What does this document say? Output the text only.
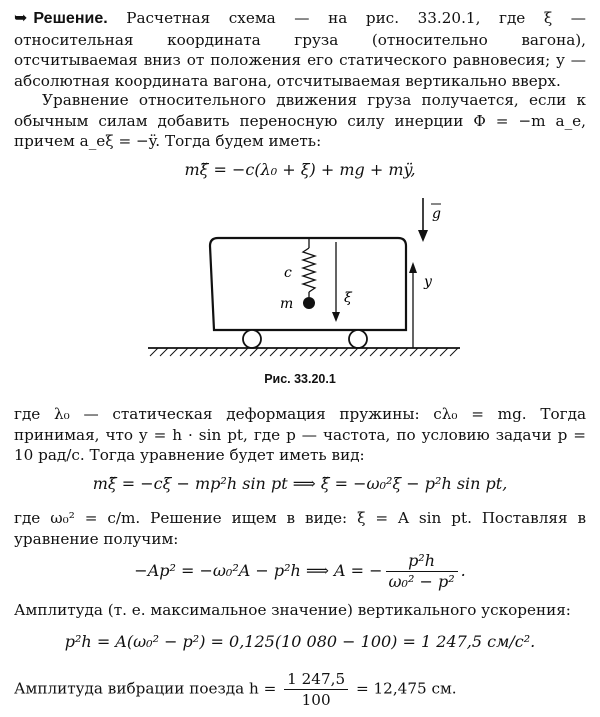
➥ Решение. Расчетная схема — на рис. 33.20.1, где ξ — относительная координата груза (относительно вагона), отсчитываемая вниз от положения его статического равновесия; y — абсолютная координата вагона, отсчитываемая вертикально вверх.
Уравнение относительного движения груза получается, если к обычным силам добавить переносную силу инерции Φ = −m a_e, причем a_eξ = −ÿ. Тогда будем иметь:
mξ̈ = −c(λ₀ + ξ) + mg + mÿ,
g
c
m	ξ
y
Рис. 33.20.1
где λ₀ — статическая деформация пружины: cλ₀ = mg. Тогда принимая, что y = h · sin pt, где p — частота, по условию задачи p = 10 рад/с. Тогда уравнение будет иметь вид:
mξ̈ = −cξ − mp²h sin pt ⟹ ξ̈ = −ω₀²ξ − p²h sin pt,
где ω₀² = c/m. Решение ищем в виде: ξ = A sin pt. Поставляя в уравнение получим:
−Ap² = −ω₀²A − p²h ⟹ A = − $\frac{\text{p²h}}{\text{ω₀² − p²}}$ .
Амплитуда (т. е. максимальное значение) вертикального ускорения:
p²h = A(ω₀² − p²) = 0,125(10 080 − 100) = 1 247,5 см/с².
Амплитуда вибрации поезда $h = \frac{1 247,5}{100} = 12,475$ см.
